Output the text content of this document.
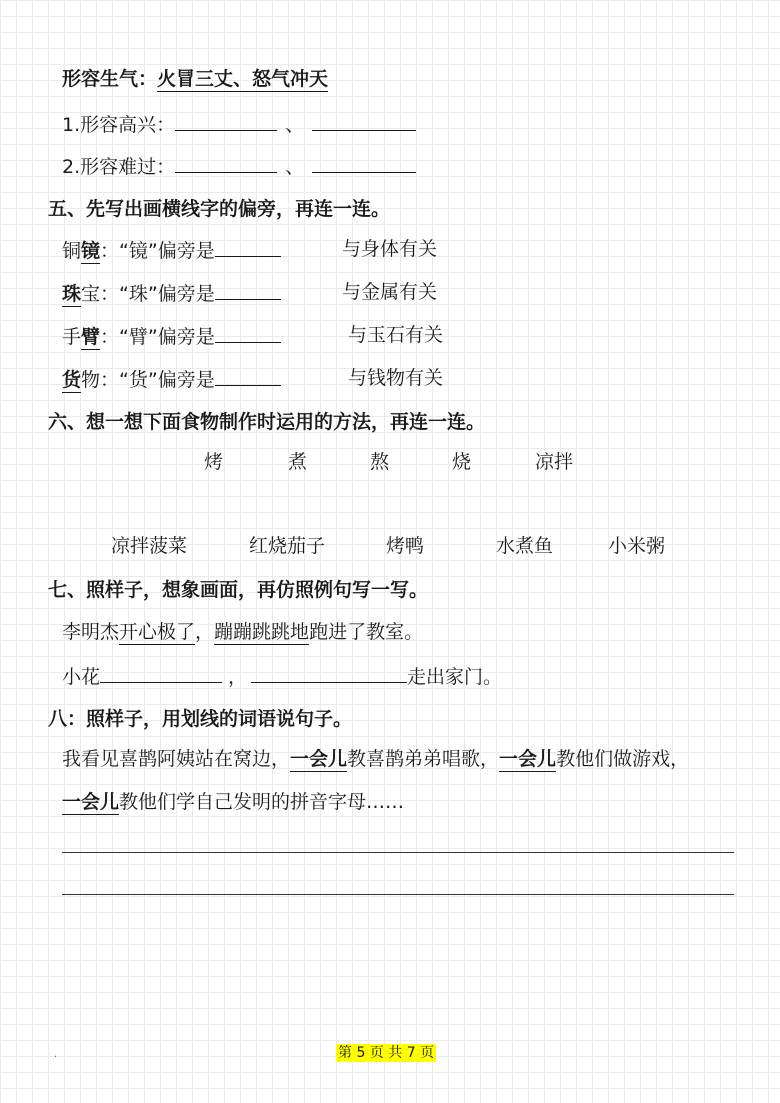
形容生气：火冒三丈、怒气冲天
1.形容高兴：	、
2.形容难过：	、
五、先写出画横线字的偏旁，再连一连。
铜镜：“镜”偏旁是	与身体有关
珠宝：“珠”偏旁是	与金属有关
手臂：“臂”偏旁是	与玉石有关
货物：“货”偏旁是	与钱物有关
六、想一想下面食物制作时运用的方法，再连一连。
烤	煮	熬	烧	凉拌
凉拌菠菜	红烧茄子	烤鸭	水煮鱼	小米粥
七、照样子，想象画面，再仿照例句写一写。
李明杰开心极了，蹦蹦跳跳地跑进了教室。
小花	，	走出家门。
八：照样子，用划线的词语说句子。
我看见喜鹊阿姨站在窝边，一会儿教喜鹊弟弟唱歌，一会儿教他们做游戏，
一会儿教他们学自己发明的拼音字母……
第 5 页 共 7 页
·
